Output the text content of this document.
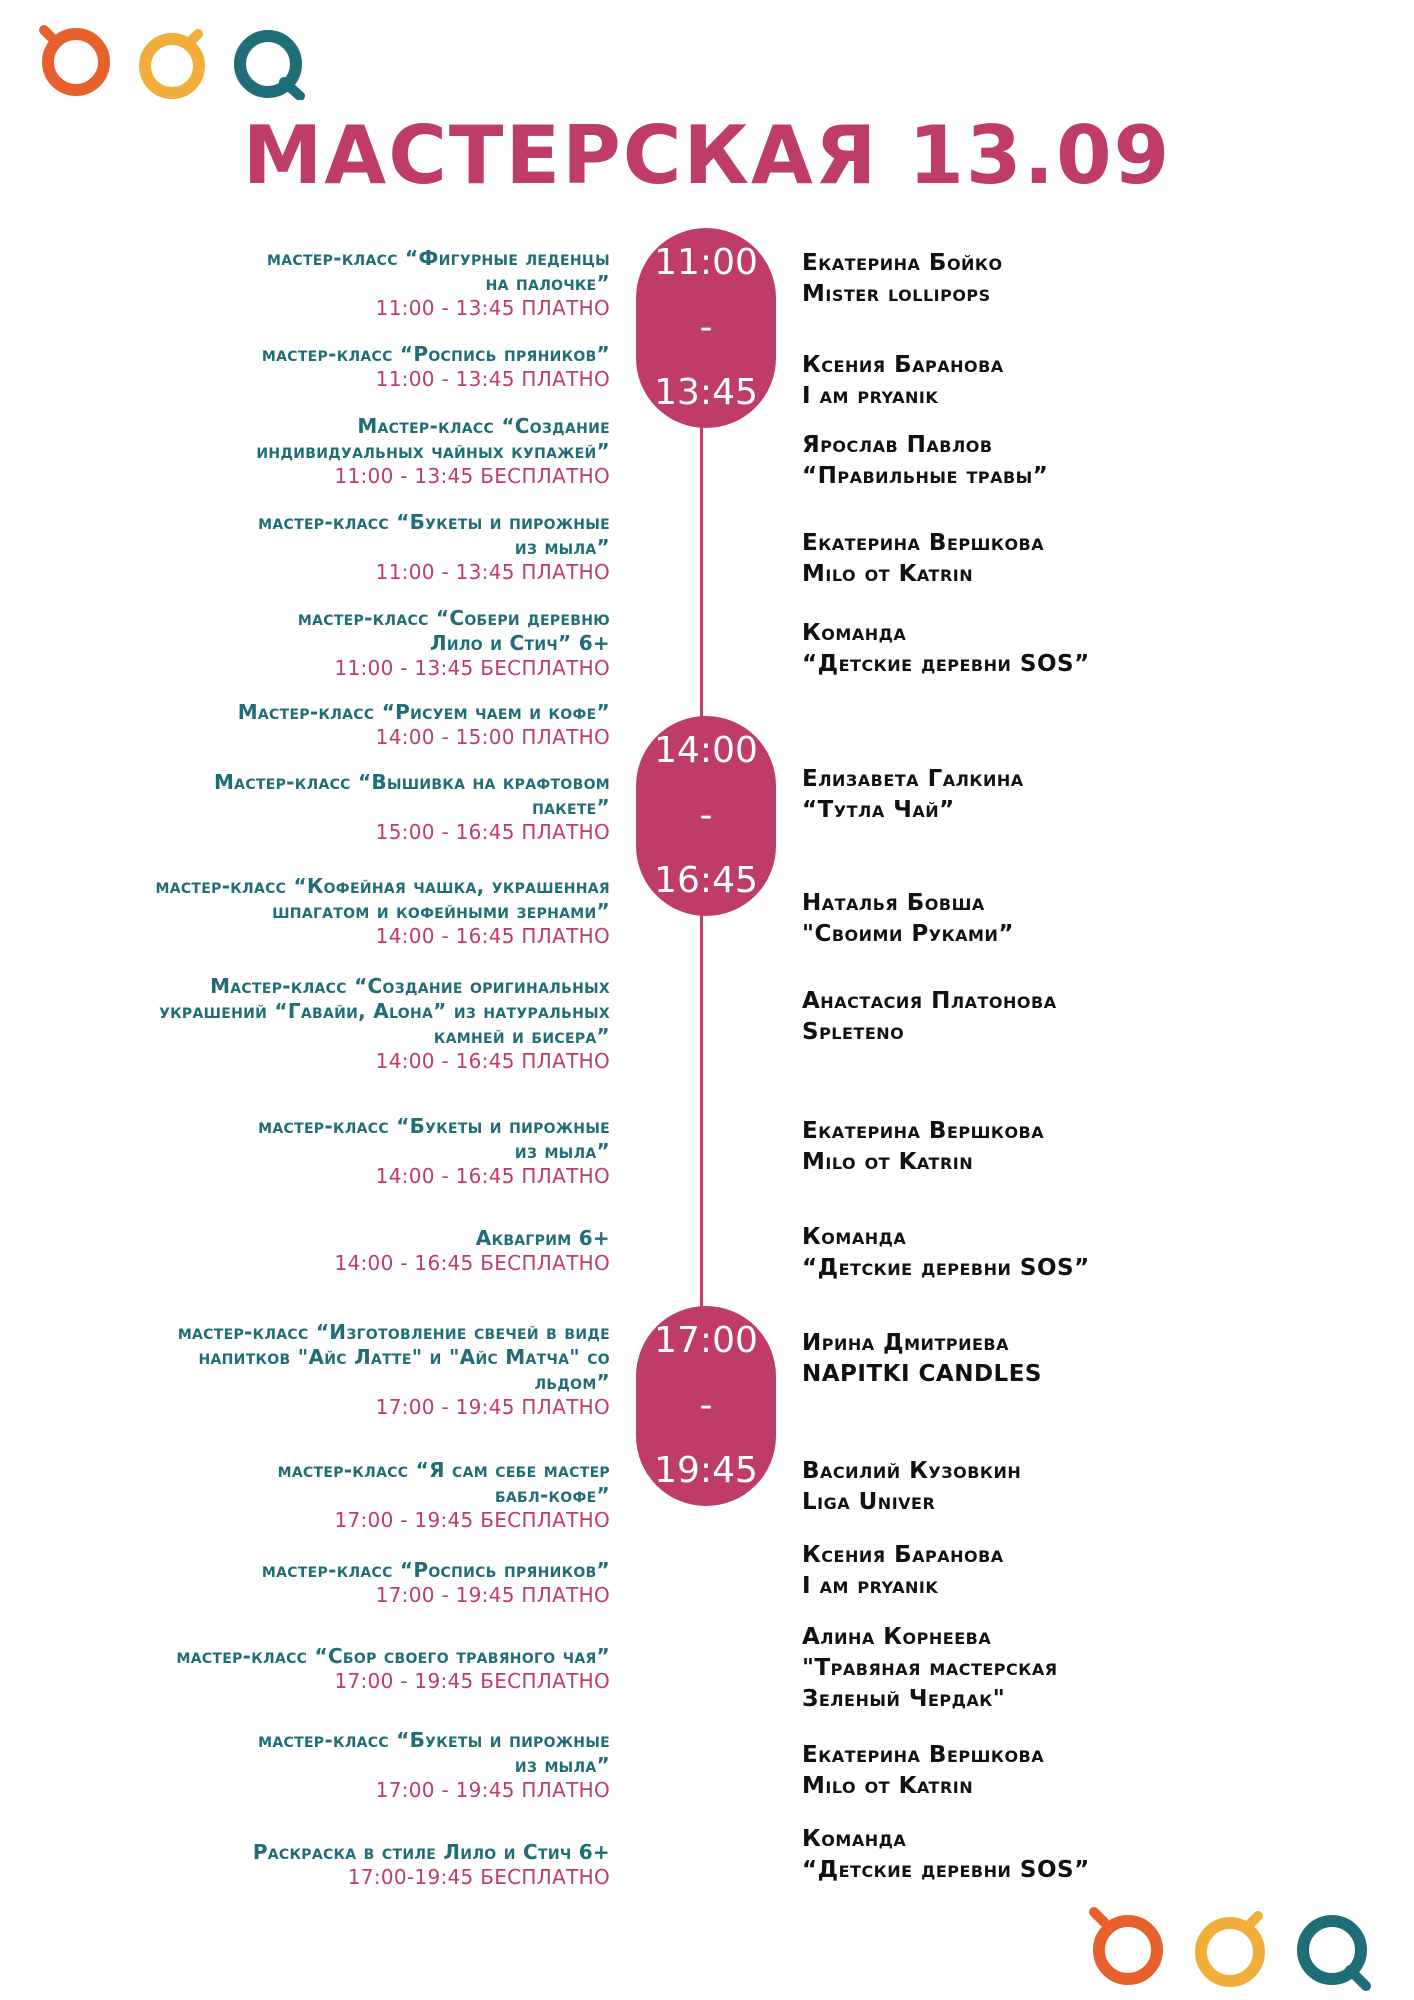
МАСТЕРСКАЯ 13.09
11:00
-
13:45
14:00
-
16:45
17:00
-
19:45
мастер-класс “Фигурные леденцы
на палочке”
11:00 - 13:45 ПЛАТНО
мастер-класс “Роспись пряников”
11:00 - 13:45 ПЛАТНО
Мастер-класс “Создание
индивидуальных чайных купажей”
11:00 - 13:45 БЕСПЛАТНО
мастер-класс “Букеты и пирожные
из мыла”
11:00 - 13:45 ПЛАТНО
мастер-класс “Собери деревню
Лило и Стич” 6+
11:00 - 13:45 БЕСПЛАТНО
Мастер-класс “Рисуем чаем и кофе”
14:00 - 15:00 ПЛАТНО
Мастер-класс “Вышивка на крафтовом
пакете”
15:00 - 16:45 ПЛАТНО
мастер-класс “Кофейная чашка, украшенная
шпагатом и кофейными зернами”
14:00 - 16:45 ПЛАТНО
Мастер-класс “Создание оригинальных
украшений “Гавайи, Aloha” из натуральных
камней и бисера”
14:00 - 16:45 ПЛАТНО
мастер-класс “Букеты и пирожные
из мыла”
14:00 - 16:45 ПЛАТНО
Аквагрим 6+
14:00 - 16:45 БЕСПЛАТНО
мастер-класс “Изготовление свечей в виде
напитков "Айс Латте" и "Айс Матча" со
льдом”
17:00 - 19:45 ПЛАТНО
мастер-класс “Я сам себе мастер
бабл-кофе”
17:00 - 19:45 БЕСПЛАТНО
мастер-класс “Роспись пряников”
17:00 - 19:45 ПЛАТНО
мастер-класс “Сбор своего травяного чая”
17:00 - 19:45 БЕСПЛАТНО
мастер-класс “Букеты и пирожные
из мыла”
17:00 - 19:45 ПЛАТНО
Раскраска в стиле Лило и Стич 6+
17:00-19:45 БЕСПЛАТНО
Екатерина Бойко
Mister lollipops
Ксения Баранова
I am pryanik
Ярослав Павлов
“Правильные травы”
Екатерина Вершкова
Milo от Katrin
Команда
“Детские деревни SOS”
Елизавета Галкина
“Тутла Чай”
Наталья Бовша
"Своими Руками”
Анастасия Платонова
Spleteno
Екатерина Вершкова
Milo от Katrin
Команда
“Детские деревни SOS”
Ирина Дмитриева
NAPITKI CANDLES
Василий Кузовкин
Liga Univer
Ксения Баранова
I am pryanik
Алина Корнеева
"Травяная мастерская
Зеленый Чердак"
Екатерина Вершкова
Milo от Katrin
Команда
“Детские деревни SOS”
